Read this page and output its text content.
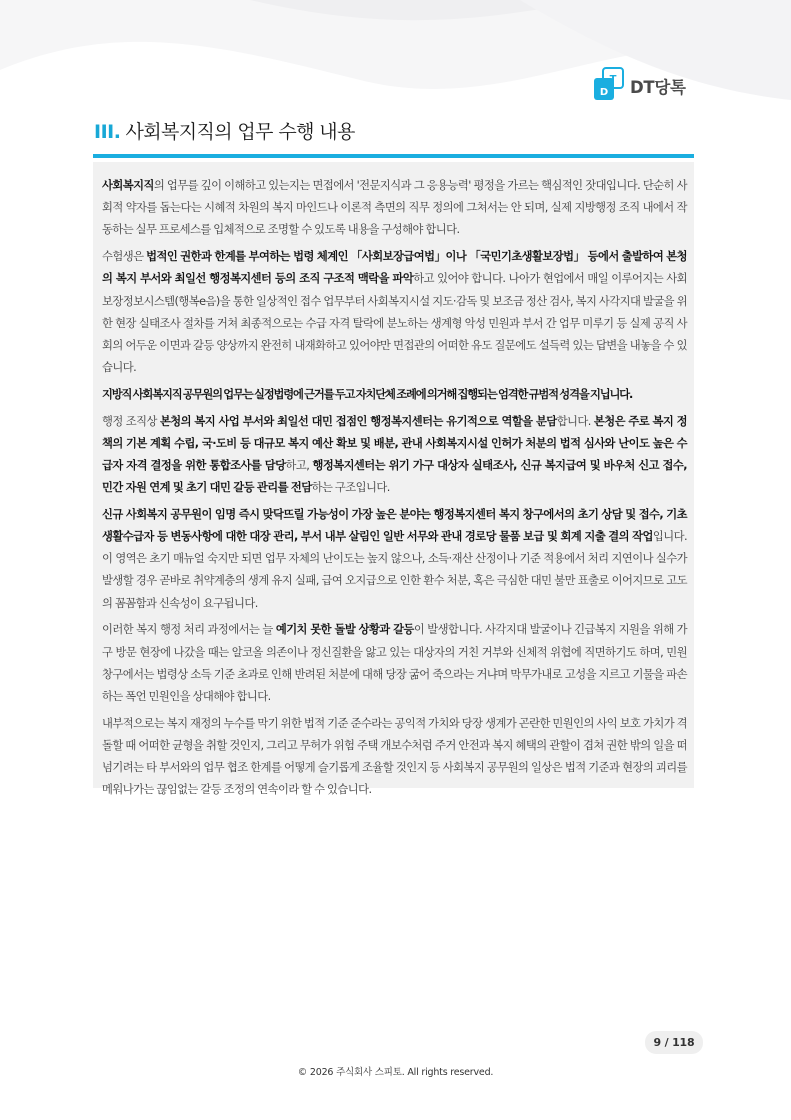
T
D DT당톡
III. 사회복지직의 업무 수행 내용

사회복지직의 업무를 깊이 이해하고 있는지는 면접에서 '전문지식과 그 응용능력' 평정을 가르는 핵심적인 잣대입니다. 단순히 사회적 약자를 돕는다는 시혜적 차원의 복지 마인드나 이론적 측면의 직무 정의에 그쳐서는 안 되며, 실제 지방행정 조직 내에서 작동하는 실무 프로세스를 입체적으로 조명할 수 있도록 내용을 구성해야 합니다.

수험생은 법적인 권한과 한계를 부여하는 법령 체계인 「사회보장급여법」이나 「국민기초생활보장법」 등에서 출발하여 본청의 복지 부서와 최일선 행정복지센터 등의 조직 구조적 맥락을 파악하고 있어야 합니다. 나아가 현업에서 매일 이루어지는 사회보장정보시스템(행복e음)을 통한 일상적인 접수 업무부터 사회복지시설 지도·감독 및 보조금 정산 검사, 복지 사각지대 발굴을 위한 현장 실태조사 절차를 거쳐 최종적으로는 수급 자격 탈락에 분노하는 생계형 악성 민원과 부서 간 업무 미루기 등 실제 공직 사회의 어두운 이면과 갈등 양상까지 완전히 내재화하고 있어야만 면접관의 어떠한 유도 질문에도 설득력 있는 답변을 내놓을 수 있습니다.

지방직 사회복지직 공무원의 업무는 실정법령에 근거를 두고 자치단체 조례에 의거해 집행되는 엄격한 규범적 성격을 지닙니다.

행정 조직상 본청의 복지 사업 부서와 최일선 대민 접점인 행정복지센터는 유기적으로 역할을 분담합니다. 본청은 주로 복지 정책의 기본 계획 수립, 국·도비 등 대규모 복지 예산 확보 및 배분, 관내 사회복지시설 인허가 처분의 법적 심사와 난이도 높은 수급자 자격 결정을 위한 통합조사를 담당하고, 행정복지센터는 위기 가구 대상자 실태조사, 신규 복지급여 및 바우처 신고 접수, 민간 자원 연계 및 초기 대민 갈등 관리를 전담하는 구조입니다.

신규 사회복지 공무원이 임명 즉시 맞닥뜨릴 가능성이 가장 높은 분야는 행정복지센터 복지 창구에서의 초기 상담 및 접수, 기초생활수급자 등 변동사항에 대한 대장 관리, 부서 내부 살림인 일반 서무와 관내 경로당 물품 보급 및 회계 지출 결의 작업입니다. 이 영역은 초기 매뉴얼 숙지만 되면 업무 자체의 난이도는 높지 않으나, 소득·재산 산정이나 기준 적용에서 처리 지연이나 실수가 발생할 경우 곧바로 취약계층의 생계 유지 실패, 급여 오지급으로 인한 환수 처분, 혹은 극심한 대민 불만 표출로 이어지므로 고도의 꼼꼼함과 신속성이 요구됩니다.

이러한 복지 행정 처리 과정에서는 늘 예기치 못한 돌발 상황과 갈등이 발생합니다. 사각지대 발굴이나 긴급복지 지원을 위해 가구 방문 현장에 나갔을 때는 알코올 의존이나 정신질환을 앓고 있는 대상자의 거친 거부와 신체적 위협에 직면하기도 하며, 민원 창구에서는 법령상 소득 기준 초과로 인해 반려된 처분에 대해 당장 굶어 죽으라는 거냐며 막무가내로 고성을 지르고 기물을 파손하는 폭언 민원인을 상대해야 합니다.

내부적으로는 복지 재정의 누수를 막기 위한 법적 기준 준수라는 공익적 가치와 당장 생계가 곤란한 민원인의 사익 보호 가치가 격돌할 때 어떠한 균형을 취할 것인지, 그리고 무허가 위험 주택 개보수처럼 주거 안전과 복지 혜택의 관할이 겹쳐 권한 밖의 일을 떠넘기려는 타 부서와의 업무 협조 한계를 어떻게 슬기롭게 조율할 것인지 등 사회복지 공무원의 일상은 법적 기준과 현장의 괴리를 메워나가는 끊임없는 갈등 조정의 연속이라 할 수 있습니다.

9 / 118
© 2026 주식회사 스피토. All rights reserved.
